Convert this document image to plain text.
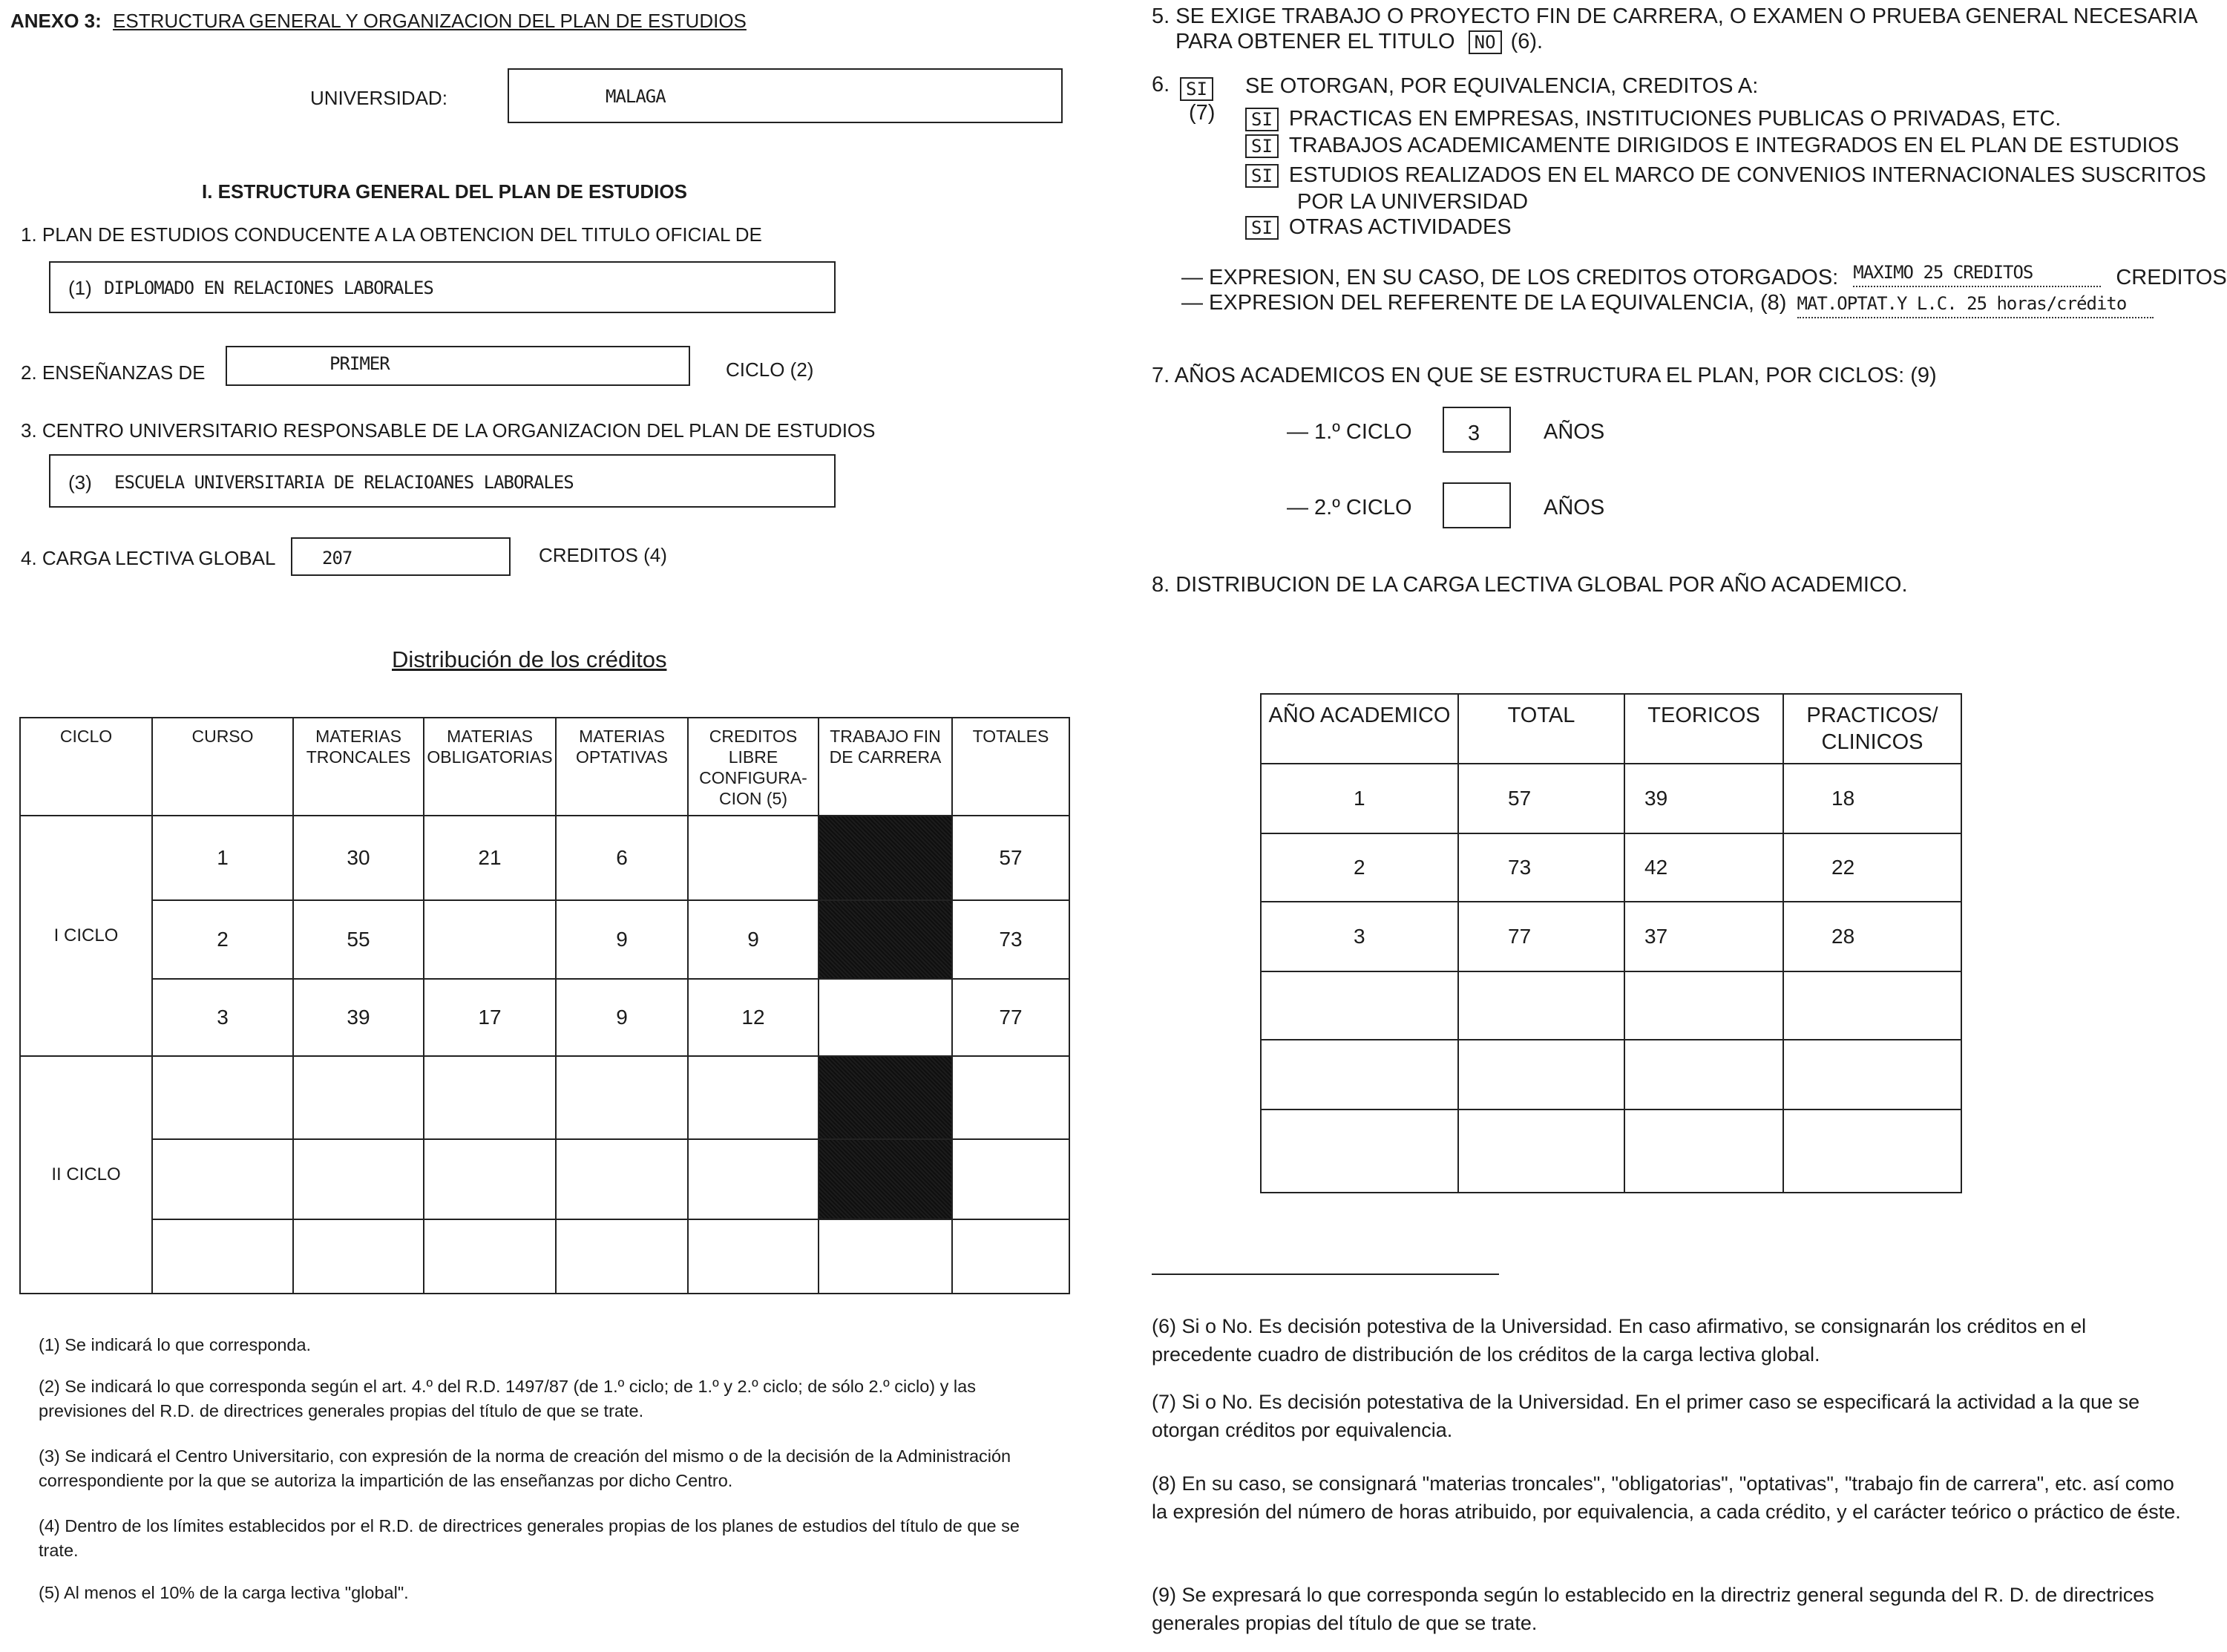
ANEXO 3: ESTRUCTURA GENERAL Y ORGANIZACION DEL PLAN DE ESTUDIOS
UNIVERSIDAD:	MALAGA
I. ESTRUCTURA GENERAL DEL PLAN DE ESTUDIOS
1. PLAN DE ESTUDIOS CONDUCENTE A LA OBTENCION DEL TITULO OFICIAL DE
(1) DIPLOMADO EN RELACIONES LABORALES
2. ENSEÑANZAS DE	PRIMER	CICLO (2)
3. CENTRO UNIVERSITARIO RESPONSABLE DE LA ORGANIZACION DEL PLAN DE ESTUDIOS
(3) ESCUELA UNIVERSITARIA DE RELACIOANES LABORALES
4. CARGA LECTIVA GLOBAL	207	CREDITOS (4)
Distribución de los créditos
CICLO	CURSO	MATERIAS TRONCALES	MATERIAS OBLIGATORIAS	MATERIAS OPTATIVAS	CREDITOS LIBRE CONFIGURA- CION (5)	TRABAJO FIN DE CARRERA	TOTALES
I CICLO	1	30	21	6			57
	2	55		9	9		73
	3	39	17	9	12		77
II CICLO							

(1) Se indicará lo que corresponda.
(2) Se indicará lo que corresponda según el art. 4.º del R.D. 1497/87 (de 1.º ciclo; de 1.º y 2.º ciclo; de sólo 2.º ciclo) y las previsiones del R.D. de directrices generales propias del título de que se trate.
(3) Se indicará el Centro Universitario, con expresión de la norma de creación del mismo o de la decisión de la Administración correspondiente por la que se autoriza la impartición de las enseñanzas por dicho Centro.
(4) Dentro de los límites establecidos por el R.D. de directrices generales propias de los planes de estudios del título de que se trate.
(5) Al menos el 10% de la carga lectiva "global".
5. SE EXIGE TRABAJO O PROYECTO FIN DE CARRERA, O EXAMEN O PRUEBA GENERAL NECESARIA
PARA OBTENER EL TITULO NO (6).
6. SI
(7)
SE OTORGAN, POR EQUIVALENCIA, CREDITOS A:
SI PRACTICAS EN EMPRESAS, INSTITUCIONES PUBLICAS O PRIVADAS, ETC.
SI TRABAJOS ACADEMICAMENTE DIRIGIDOS E INTEGRADOS EN EL PLAN DE ESTUDIOS
SI ESTUDIOS REALIZADOS EN EL MARCO DE CONVENIOS INTERNACIONALES SUSCRITOS
POR LA UNIVERSIDAD
SI OTRAS ACTIVIDADES
— EXPRESION, EN SU CASO, DE LOS CREDITOS OTORGADOS: MAXIMO 25 CREDITOS	CREDITOS
— EXPRESION DEL REFERENTE DE LA EQUIVALENCIA, (8) MAT.OPTAT.Y L.C. 25 horas/crédito
7. AÑOS ACADEMICOS EN QUE SE ESTRUCTURA EL PLAN, POR CICLOS: (9)
— 1.º CICLO	3	AÑOS
— 2.º CICLO	AÑOS
8. DISTRIBUCION DE LA CARGA LECTIVA GLOBAL POR AÑO ACADEMICO.
AÑO ACADEMICO	TOTAL	TEORICOS	PRACTICOS/ CLINICOS
1	57	39	18
2	73	42	22
3	77	37	28

(6) Si o No. Es decisión potestiva de la Universidad. En caso afirmativo, se consignarán los créditos en el precedente cuadro de distribución de los créditos de la carga lectiva global.
(7) Si o No. Es decisión potestativa de la Universidad. En el primer caso se especificará la actividad a la que se otorgan créditos por equivalencia.
(8) En su caso, se consignará "materias troncales", "obligatorias", "optativas", "trabajo fin de carrera", etc. así como la expresión del número de horas atribuido, por equivalencia, a cada crédito, y el carácter teórico o práctico de éste.
(9) Se expresará lo que corresponda según lo establecido en la directriz general segunda del R. D. de directrices generales propias del título de que se trate.
